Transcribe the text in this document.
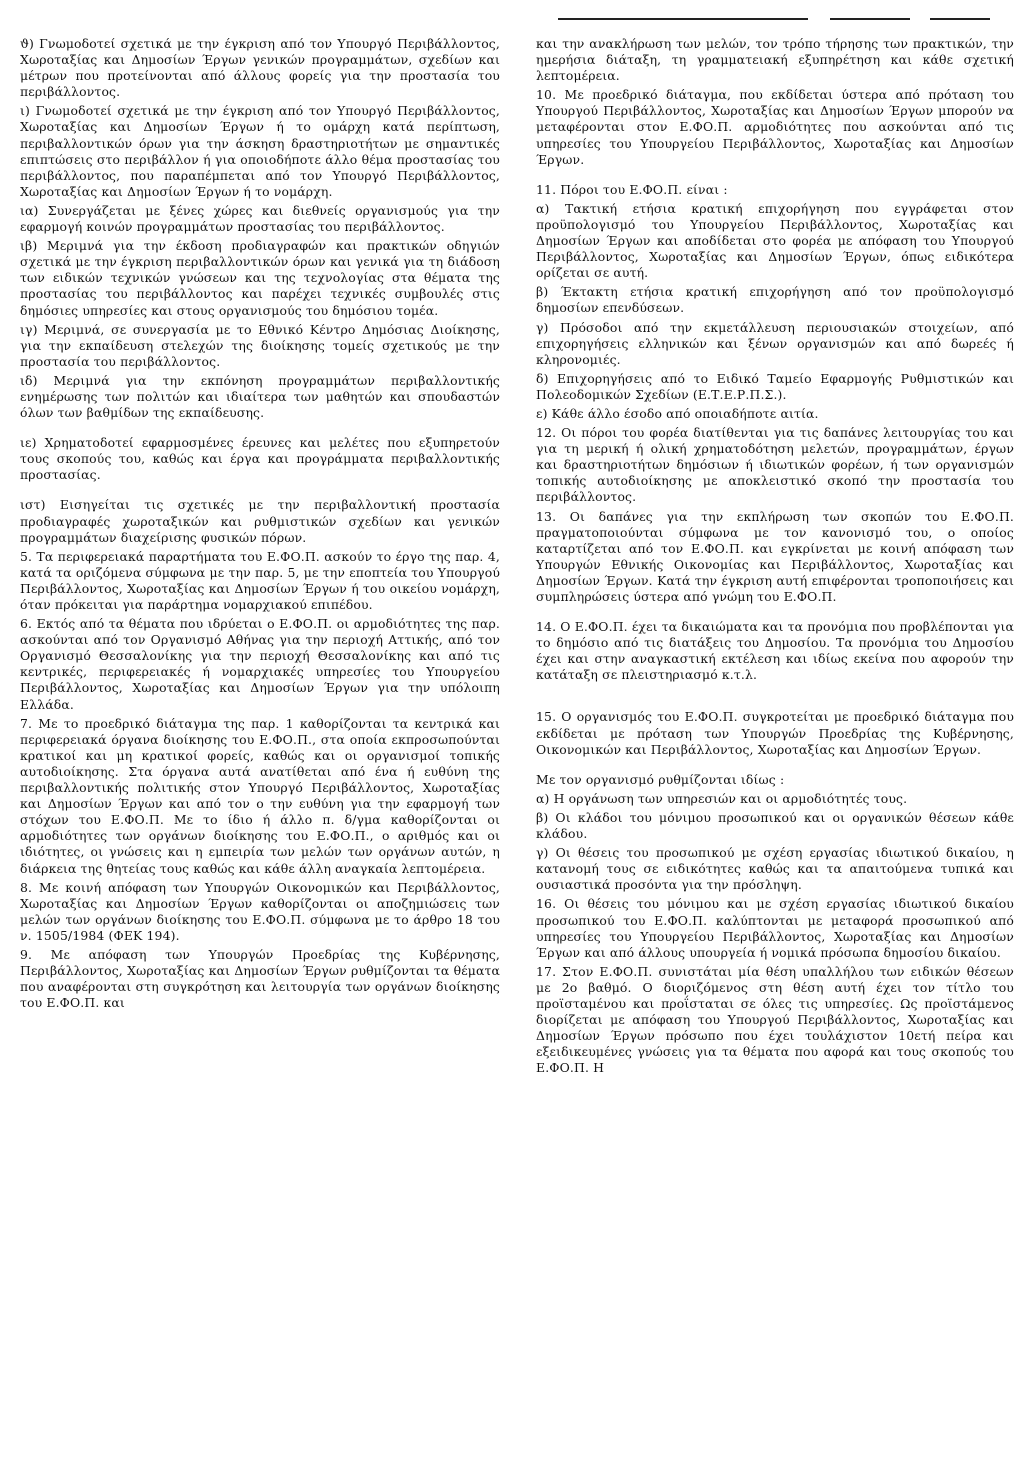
ϑ) Γνωμοδοτεί σχετικά με την έγκριση από τον Υπουργό Περιβάλλοντος, Χωροταξίας και Δημοσίων Έργων γενικών προγραμμάτων, σχεδίων και μέτρων που προτείνονται από άλλους φορείς για την προστασία του περιβάλλοντος.

ι) Γνωμοδοτεί σχετικά με την έγκριση από τον Υπουργό Περιβάλλοντος, Χωροταξίας και Δημοσίων Έργων ή το ομάρχη κατά περίπτωση, περιβαλλοντικών όρων για την άσκηση δραστηριοτήτων με σημαντικές επιπτώσεις στο περιβάλλον ή για οποιοδήποτε άλλο θέμα προστασίας του περιβάλλοντος, που παραπέμπεται από τον Υπουργό Περιβάλλοντος, Χωροταξίας και Δημοσίων Έργων ή το νομάρχη.

ια) Συνεργάζεται με ξένες χώρες και διεθνείς οργανισμούς για την εφαρμογή κοινών προγραμμάτων προστασίας του περιβάλλοντος.

ιβ) Μεριμνά για την έκδοση προδιαγραφών και πρακτικών οδηγιών σχετικά με την έγκριση περιβαλλοντικών όρων και γενικά για τη διάδοση των ειδικών τεχνικών γνώσεων και της τεχνολογίας στα θέματα της προστασίας του περιβάλλοντος και παρέχει τεχνικές συμβουλές στις δημόσιες υπηρεσίες και στους οργανισμούς του δημόσιου τομέα.

ιγ) Μεριμνά, σε συνεργασία με το Εθνικό Κέντρο Δημόσιας Διοίκησης, για την εκπαίδευση στελεχών της διοίκησης τομείς σχετικούς με την προστασία του περιβάλλοντος.

ιδ) Μεριμνά για την εκπόνηση προγραμμάτων περιβαλλοντικής ενημέρωσης των πολιτών και ιδιαίτερα των μαθητών και σπουδαστών όλων των βαθμίδων της εκπαίδευσης.

ιε) Χρηματοδοτεί εφαρμοσμένες έρευνες και μελέτες που εξυπηρετούν τους σκοπούς του, καθώς και έργα και προγράμματα περιβαλλοντικής προστασίας.

ιστ) Εισηγείται τις σχετικές με την περιβαλλοντική προστασία προδιαγραφές χωροταξικών και ρυθμιστικών σχεδίων και γενικών προγραμμάτων διαχείρισης φυσικών πόρων.

5. Τα περιφερειακά παραρτήματα του Ε.ΦΟ.Π. ασκούν το έργο της παρ. 4, κατά τα οριζόμενα σύμφωνα με την παρ. 5, με την εποπτεία του Υπουργού Περιβάλλοντος, Χωροταξίας και Δημοσίων Έργων ή του οικείου νομάρχη, όταν πρόκειται για παράρτημα νομαρχιακού επιπέδου.

6. Εκτός από τα θέματα που ιδρύεται ο Ε.ΦΟ.Π. οι αρμοδιότητες της παρ. ασκούνται από τον Οργανισμό Αθήνας για την περιοχή Αττικής, από τον Οργανισμό Θεσσαλονίκης για την περιοχή Θεσσαλονίκης και από τις κεντρικές, περιφερειακές ή νομαρχιακές υπηρεσίες του Υπουργείου Περιβάλλοντος, Χωροταξίας και Δημοσίων Έργων για την υπόλοιπη Ελλάδα.

7. Με το προεδρικό διάταγμα της παρ. 1 καθορίζονται τα κεντρικά και περιφερειακά όργανα διοίκησης του Ε.ΦΟ.Π., στα οποία εκπροσωπούνται κρατικοί και μη κρατικοί φορείς, καθώς και οι οργανισμοί τοπικής αυτοδιοίκησης. Στα όργανα αυτά ανατίθεται από ένα ή ευθύνη της περιβαλλοντικής πολιτικής στον Υπουργό Περιβάλλοντος, Χωροταξίας και Δημοσίων Έργων και από τον ο την ευθύνη για την εφαρμογή των στόχων του Ε.ΦΟ.Π. Με το ίδιο ή άλλο π. δ/γμα καθορίζονται οι αρμοδιότητες των οργάνων διοίκησης του Ε.ΦΟ.Π., ο αριθμός και οι ιδιότητες, οι γνώσεις και η εμπειρία των μελών των οργάνων αυτών, η διάρκεια της θητείας τους καθώς και κάθε άλλη αναγκαία λεπτομέρεια.

8. Με κοινή απόφαση των Υπουργών Οικονομικών και Περιβάλλοντος, Χωροταξίας και Δημοσίων Έργων καθορίζονται οι αποζημιώσεις των μελών των οργάνων διοίκησης του Ε.ΦΟ.Π. σύμφωνα με το άρθρο 18 του ν. 1505/1984 (ΦΕΚ 194).

9. Με απόφαση των Υπουργών Προεδρίας της Κυβέρνησης, Περιβάλλοντος, Χωροταξίας και Δημοσίων Έργων ρυθμίζονται τα θέματα που αναφέρονται στη συγκρότηση και λειτουργία των οργάνων διοίκησης του Ε.ΦΟ.Π. και

και την ανακλήρωση των μελών, τον τρόπο τήρησης των πρακτικών, την ημερήσια διάταξη, τη γραμματειακή εξυπηρέτηση και κάθε σχετική λεπτομέρεια.

10. Με προεδρικό διάταγμα, που εκδίδεται ύστερα από πρόταση του Υπουργού Περιβάλλοντος, Χωροταξίας και Δημοσίων Έργων μπορούν να μεταφέρονται στον Ε.ΦΟ.Π. αρμοδιότητες που ασκούνται από τις υπηρεσίες του Υπουργείου Περιβάλλοντος, Χωροταξίας και Δημοσίων Έργων.

11. Πόροι του Ε.ΦΟ.Π. είναι :

α) Τακτική ετήσια κρατική επιχορήγηση που εγγράφεται στον προϋπολογισμό του Υπουργείου Περιβάλλοντος, Χωροταξίας και Δημοσίων Έργων και αποδίδεται στο φορέα με απόφαση του Υπουργού Περιβάλλοντος, Χωροταξίας και Δημοσίων Έργων, όπως ειδικότερα ορίζεται σε αυτή.

β) Έκτακτη ετήσια κρατική επιχορήγηση από τον προϋπολογισμό δημοσίων επενδύσεων.

γ) Πρόσοδοι από την εκμετάλλευση περιουσιακών στοιχείων, από επιχορηγήσεις ελληνικών και ξένων οργανισμών και από δωρεές ή κληρονομιές.

δ) Επιχορηγήσεις από το Ειδικό Ταμείο Εφαρμογής Ρυθμιστικών και Πολεοδομικών Σχεδίων (Ε.Τ.Ε.Ρ.Π.Σ.).

ε) Κάθε άλλο έσοδο από οποιαδήποτε αιτία.

12. Οι πόροι του φορέα διατίθενται για τις δαπάνες λειτουργίας του και για τη μερική ή ολική χρηματοδότηση μελετών, προγραμμάτων, έργων και δραστηριοτήτων δημόσιων ή ιδιωτικών φορέων, ή των οργανισμών τοπικής αυτοδιοίκησης με αποκλειστικό σκοπό την προστασία του περιβάλλοντος.

13. Οι δαπάνες για την εκπλήρωση των σκοπών του Ε.ΦΟ.Π. πραγματοποιούνται σύμφωνα με τον κανονισμό του, ο οποίος καταρτίζεται από τον Ε.ΦΟ.Π. και εγκρίνεται με κοινή απόφαση των Υπουργών Εθνικής Οικονομίας και Περιβάλλοντος, Χωροταξίας και Δημοσίων Έργων. Κατά την έγκριση αυτή επιφέρονται τροποποιήσεις και συμπληρώσεις ύστερα από γνώμη του Ε.ΦΟ.Π.

14. Ο Ε.ΦΟ.Π. έχει τα δικαιώματα και τα προνόμια που προβλέπονται για το δημόσιο από τις διατάξεις του Δημοσίου. Τα προνόμια του Δημοσίου έχει και στην αναγκαστική εκτέλεση και ιδίως εκείνα που αφορούν την κατάταξη σε πλειστηριασμό κ.τ.λ.

15. Ο οργανισμός του Ε.ΦΟ.Π. συγκροτείται με προεδρικό διάταγμα που εκδίδεται με πρόταση των Υπουργών Προεδρίας της Κυβέρνησης, Οικονομικών και Περιβάλλοντος, Χωροταξίας και Δημοσίων Έργων.

Με τον οργανισμό ρυθμίζονται ιδίως :

α) Η οργάνωση των υπηρεσιών και οι αρμοδιότητές τους.

β) Οι κλάδοι του μόνιμου προσωπικού και οι οργανικών θέσεων κάθε κλάδου.

γ) Οι θέσεις του προσωπικού με σχέση εργασίας ιδιωτικού δικαίου, η κατανομή τους σε ειδικότητες καθώς και τα απαιτούμενα τυπικά και ουσιαστικά προσόντα για την πρόσληψη.

16. Οι θέσεις του μόνιμου και με σχέση εργασίας ιδιωτικού δικαίου προσωπικού του Ε.ΦΟ.Π. καλύπτονται με μεταφορά προσωπικού από υπηρεσίες του Υπουργείου Περιβάλλοντος, Χωροταξίας και Δημοσίων Έργων και από άλλους υπουργεία ή νομικά πρόσωπα δημοσίου δικαίου.

17. Στον Ε.ΦΟ.Π. συνιστάται μία θέση υπαλλήλου των ειδικών θέσεων με 2ο βαθμό. Ο διοριζόμενος στη θέση αυτή έχει τον τίτλο του προϊσταμένου και προΐσταται σε όλες τις υπηρεσίες. Ως προϊστάμενος διορίζεται με απόφαση του Υπουργού Περιβάλλοντος, Χωροταξίας και Δημοσίων Έργων πρόσωπο που έχει τουλάχιστον 10ετή πείρα και εξειδικευμένες γνώσεις για τα θέματα που αφορά και τους σκοπούς του Ε.ΦΟ.Π. Η
